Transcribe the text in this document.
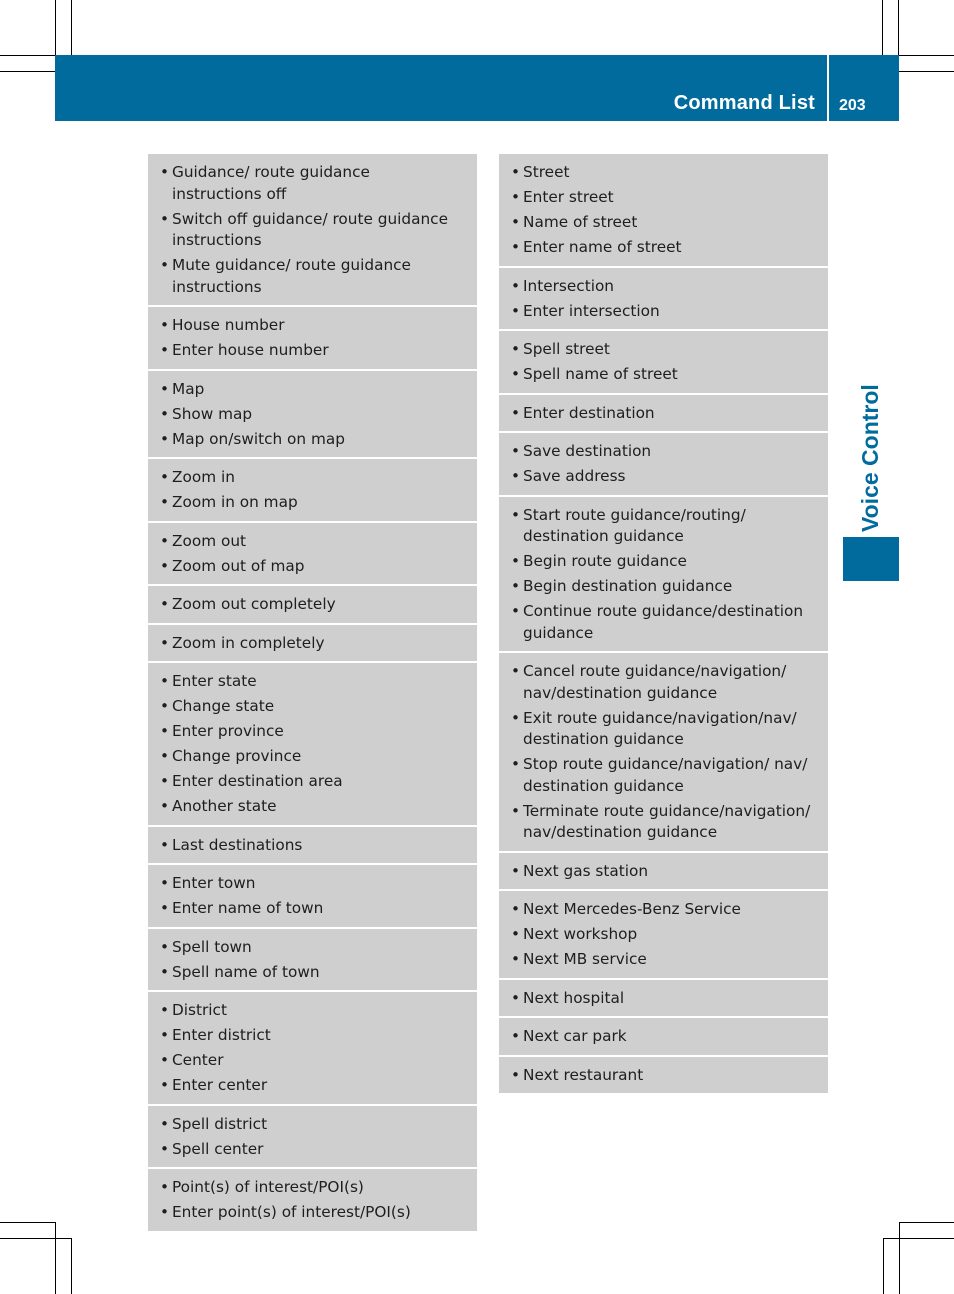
Command List 203
Voice Control
• Guidance/ route guidance instructions off
• Switch off guidance/ route guidance instructions
• Mute guidance/ route guidance instructions
• House number
• Enter house number
• Map
• Show map
• Map on/switch on map
• Zoom in
• Zoom in on map
• Zoom out
• Zoom out of map
• Zoom out completely
• Zoom in completely
• Enter state
• Change state
• Enter province
• Change province
• Enter destination area
• Another state
• Last destinations
• Enter town
• Enter name of town
• Spell town
• Spell name of town
• District
• Enter district
• Center
• Enter center
• Spell district
• Spell center
• Point(s) of interest/POI(s)
• Enter point(s) of interest/POI(s)
• Street
• Enter street
• Name of street
• Enter name of street
• Intersection
• Enter intersection
• Spell street
• Spell name of street
• Enter destination
• Save destination
• Save address
• Start route guidance/routing/ destination guidance
• Begin route guidance
• Begin destination guidance
• Continue route guidance/destination guidance
• Cancel route guidance/navigation/ nav/destination guidance
• Exit route guidance/navigation/nav/ destination guidance
• Stop route guidance/navigation/ nav/ destination guidance
• Terminate route guidance/navigation/ nav/destination guidance
• Next gas station
• Next Mercedes-Benz Service
• Next workshop
• Next MB service
• Next hospital
• Next car park
• Next restaurant
